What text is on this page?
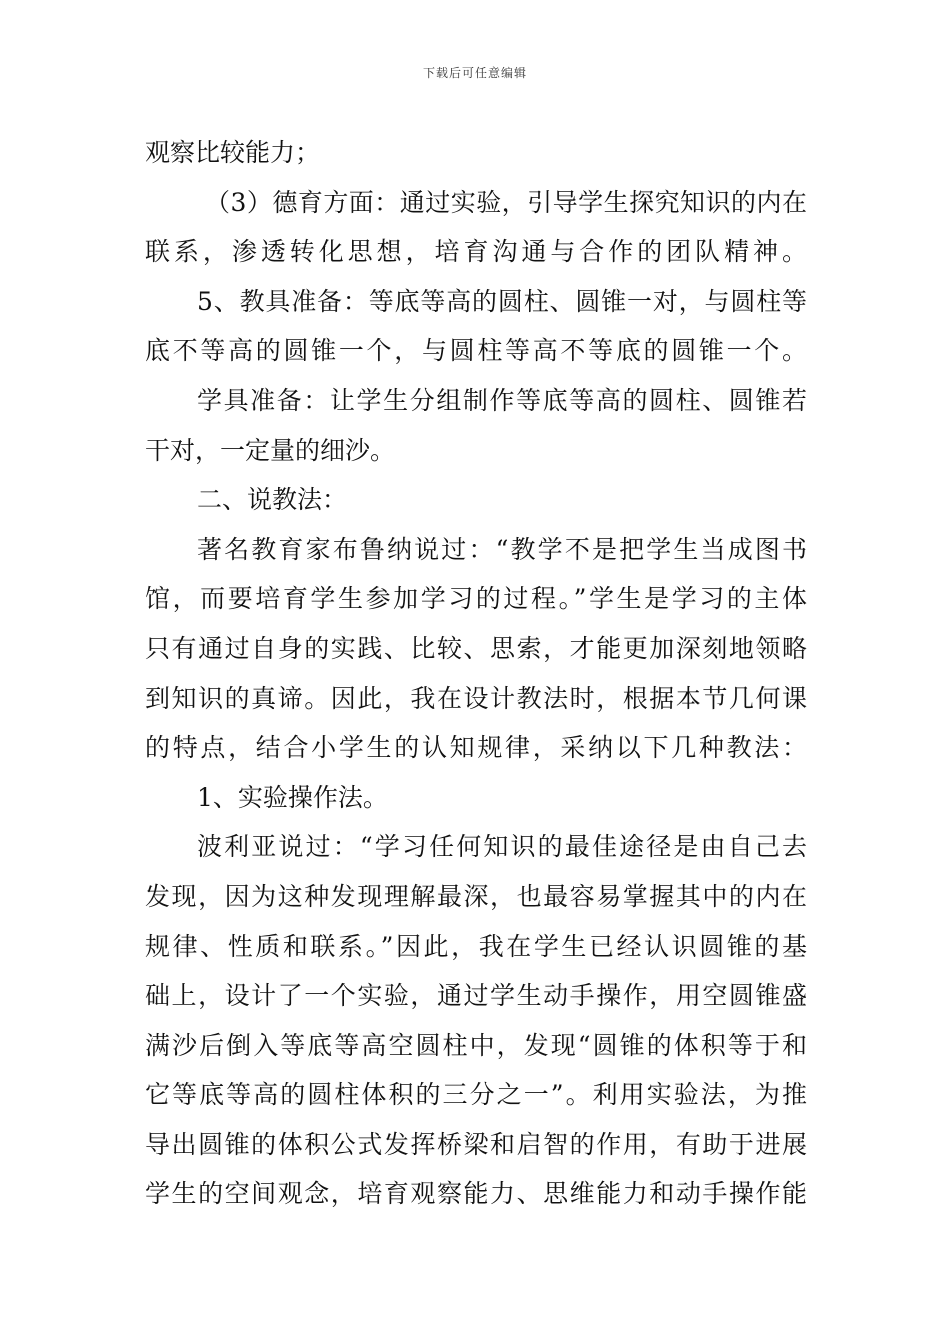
下载后可任意编辑
观察比较能力；
（3）德育方面：通过实验，引导学生探究知识的内在
联系，渗透转化思想，培育沟通与合作的团队精神。
5、教具准备：等底等高的圆柱、圆锥一对，与圆柱等
底不等高的圆锥一个，与圆柱等高不等底的圆锥一个。
学具准备：让学生分组制作等底等高的圆柱、圆锥若
干对，一定量的细沙。
二、说教法：
著名教育家布鲁纳说过：“教学不是把学生当成图书
馆，而要培育学生参加学习的过程。”学生是学习的主体
只有通过自身的实践、比较、思索，才能更加深刻地领略
到知识的真谛。因此，我在设计教法时，根据本节几何课
的特点，结合小学生的认知规律，采纳以下几种教法：
1、实验操作法。
波利亚说过：“学习任何知识的最佳途径是由自己去
发现，因为这种发现理解最深，也最容易掌握其中的内在
规律、性质和联系。”因此，我在学生已经认识圆锥的基
础上，设计了一个实验，通过学生动手操作，用空圆锥盛
满沙后倒入等底等高空圆柱中，发现“圆锥的体积等于和
它等底等高的圆柱体积的三分之一”。利用实验法，为推
导出圆锥的体积公式发挥桥梁和启智的作用，有助于进展
学生的空间观念，培育观察能力、思维能力和动手操作能
